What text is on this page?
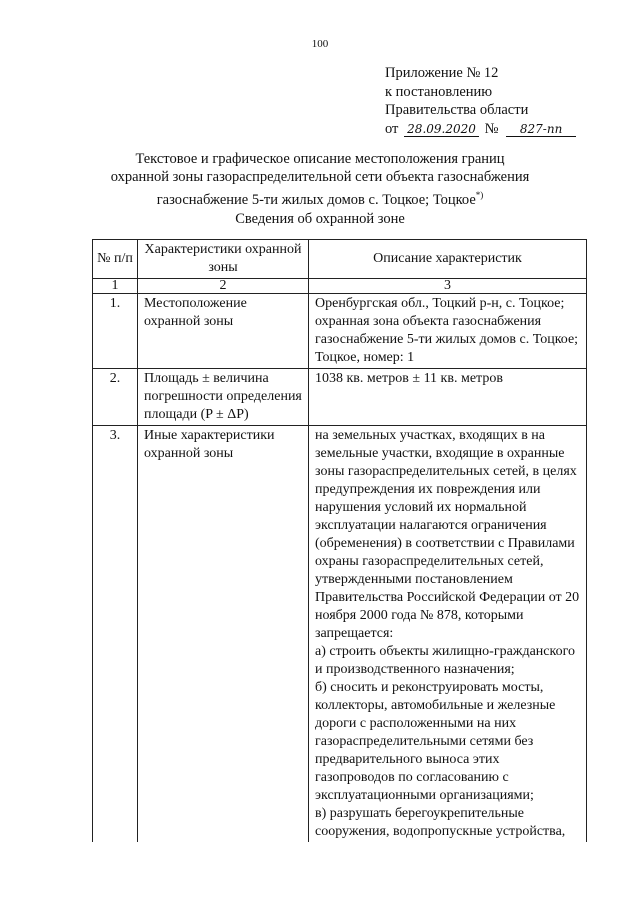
100
Приложение № 12
к постановлению
Правительства области
от 28.09.2020 № 827-пп
Текстовое и графическое описание местоположения границ
охранной зоны газораспределительной сети объекта газоснабжения
газоснабжение 5-ти жилых домов с. Тоцкое; Тоцкое*)
Сведения об охранной зоне
№ п/п	Характеристики охранной зоны	Описание характеристик
1	2	3
1.	Местоположение охранной зоны	Оренбургская обл., Тоцкий р-н, с. Тоцкое; охранная зона объекта газоснабжения газоснабжение 5-ти жилых домов с. Тоцкое; Тоцкое, номер: 1

2.	Площадь ± величина погрешности определения площади (P ± ΔP)	1038 кв. метров ± 11 кв. метров

3.	Иные характеристики охранной зоны	на земельных участках, входящих в на земельные участки, входящие в охранные зоны газораспределительных сетей, в целях предупреждения их повреждения или нарушения условий их нормальной эксплуатации налагаются ограничения (обременения) в соответствии с Правилами охраны газораспределительных сетей, утвержденными постановлением Правительства Российской Федерации от 20 ноября 2000 года № 878, которыми запрещается:

а) строить объекты жилищно-гражданского и производственного назначения;

б) сносить и реконструировать мосты, коллекторы, автомобильные и железные дороги с расположенными на них газораспределительными сетями без предварительного выноса этих газопроводов по согласованию с эксплуатационными организациями;

в) разрушать берегоукрепительные сооружения, водопропускные устройства,
